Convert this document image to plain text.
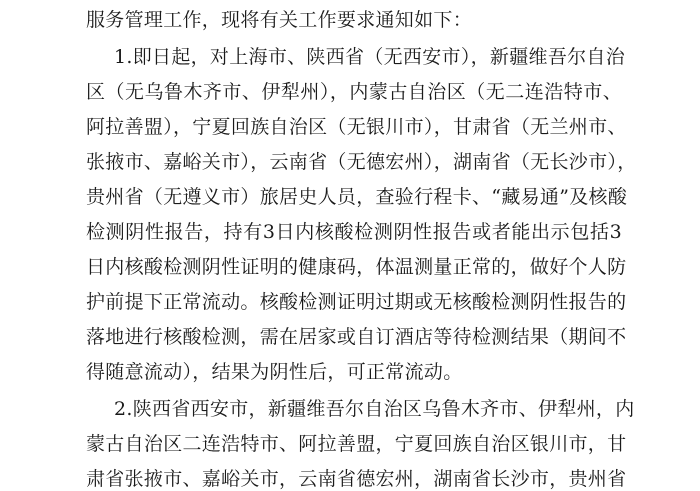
服务管理工作，现将有关工作要求通知如下：
1.即日起，对上海市、陕西省（无西安市），新疆维吾尔自治
区（无乌鲁木齐市、伊犁州），内蒙古自治区（无二连浩特市、
阿拉善盟），宁夏回族自治区（无银川市），甘肃省（无兰州市、
张掖市、嘉峪关市），云南省（无德宏州），湖南省（无长沙市），
贵州省（无遵义市）旅居史人员，查验行程卡、“藏易通”及核酸
检测阴性报告，持有3日内核酸检测阴性报告或者能出示包括3
日内核酸检测阴性证明的健康码，体温测量正常的，做好个人防
护前提下正常流动。核酸检测证明过期或无核酸检测阴性报告的
落地进行核酸检测，需在居家或自订酒店等待检测结果（期间不
得随意流动），结果为阴性后，可正常流动。
2.陕西省西安市，新疆维吾尔自治区乌鲁木齐市、伊犁州，内
蒙古自治区二连浩特市、阿拉善盟，宁夏回族自治区银川市，甘
肃省张掖市、嘉峪关市，云南省德宏州，湖南省长沙市，贵州省
